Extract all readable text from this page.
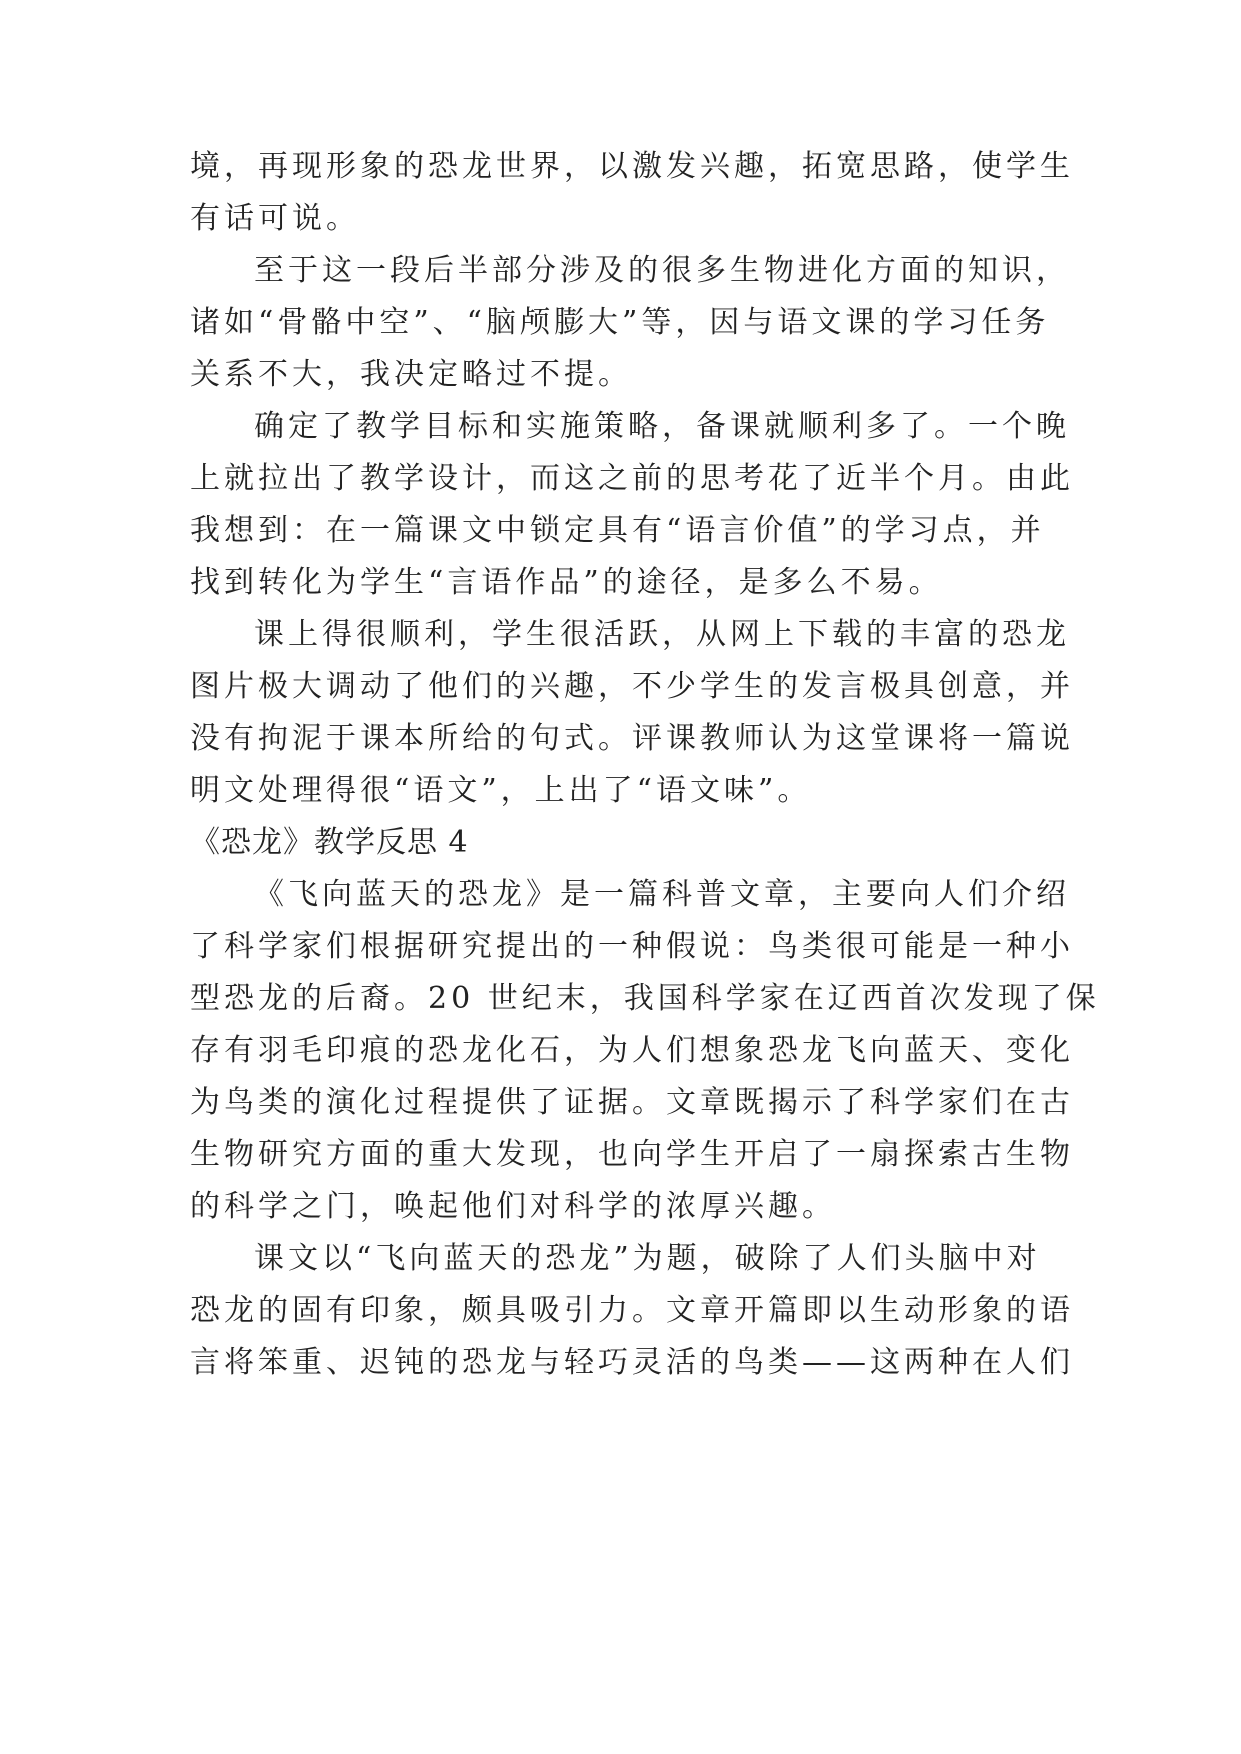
境，再现形象的恐龙世界，以激发兴趣，拓宽思路，使学生
有话可说。
至于这一段后半部分涉及的很多生物进化方面的知识，
诸如“骨骼中空”、“脑颅膨大”等，因与语文课的学习任务
关系不大，我决定略过不提。
确定了教学目标和实施策略，备课就顺利多了。一个晚
上就拉出了教学设计，而这之前的思考花了近半个月。由此
我想到：在一篇课文中锁定具有“语言价值”的学习点，并
找到转化为学生“言语作品”的途径，是多么不易。
课上得很顺利，学生很活跃，从网上下载的丰富的恐龙
图片极大调动了他们的兴趣，不少学生的发言极具创意，并
没有拘泥于课本所给的句式。评课教师认为这堂课将一篇说
明文处理得很“语文”，上出了“语文味”。
《恐龙》教学反思 4
《飞向蓝天的恐龙》是一篇科普文章，主要向人们介绍
了科学家们根据研究提出的一种假说：鸟类很可能是一种小
型恐龙的后裔。20 世纪末，我国科学家在辽西首次发现了保
存有羽毛印痕的恐龙化石，为人们想象恐龙飞向蓝天、变化
为鸟类的演化过程提供了证据。文章既揭示了科学家们在古
生物研究方面的重大发现，也向学生开启了一扇探索古生物
的科学之门，唤起他们对科学的浓厚兴趣。
课文以“飞向蓝天的恐龙”为题，破除了人们头脑中对
恐龙的固有印象，颇具吸引力。文章开篇即以生动形象的语
言将笨重、迟钝的恐龙与轻巧灵活的鸟类——这两种在人们
